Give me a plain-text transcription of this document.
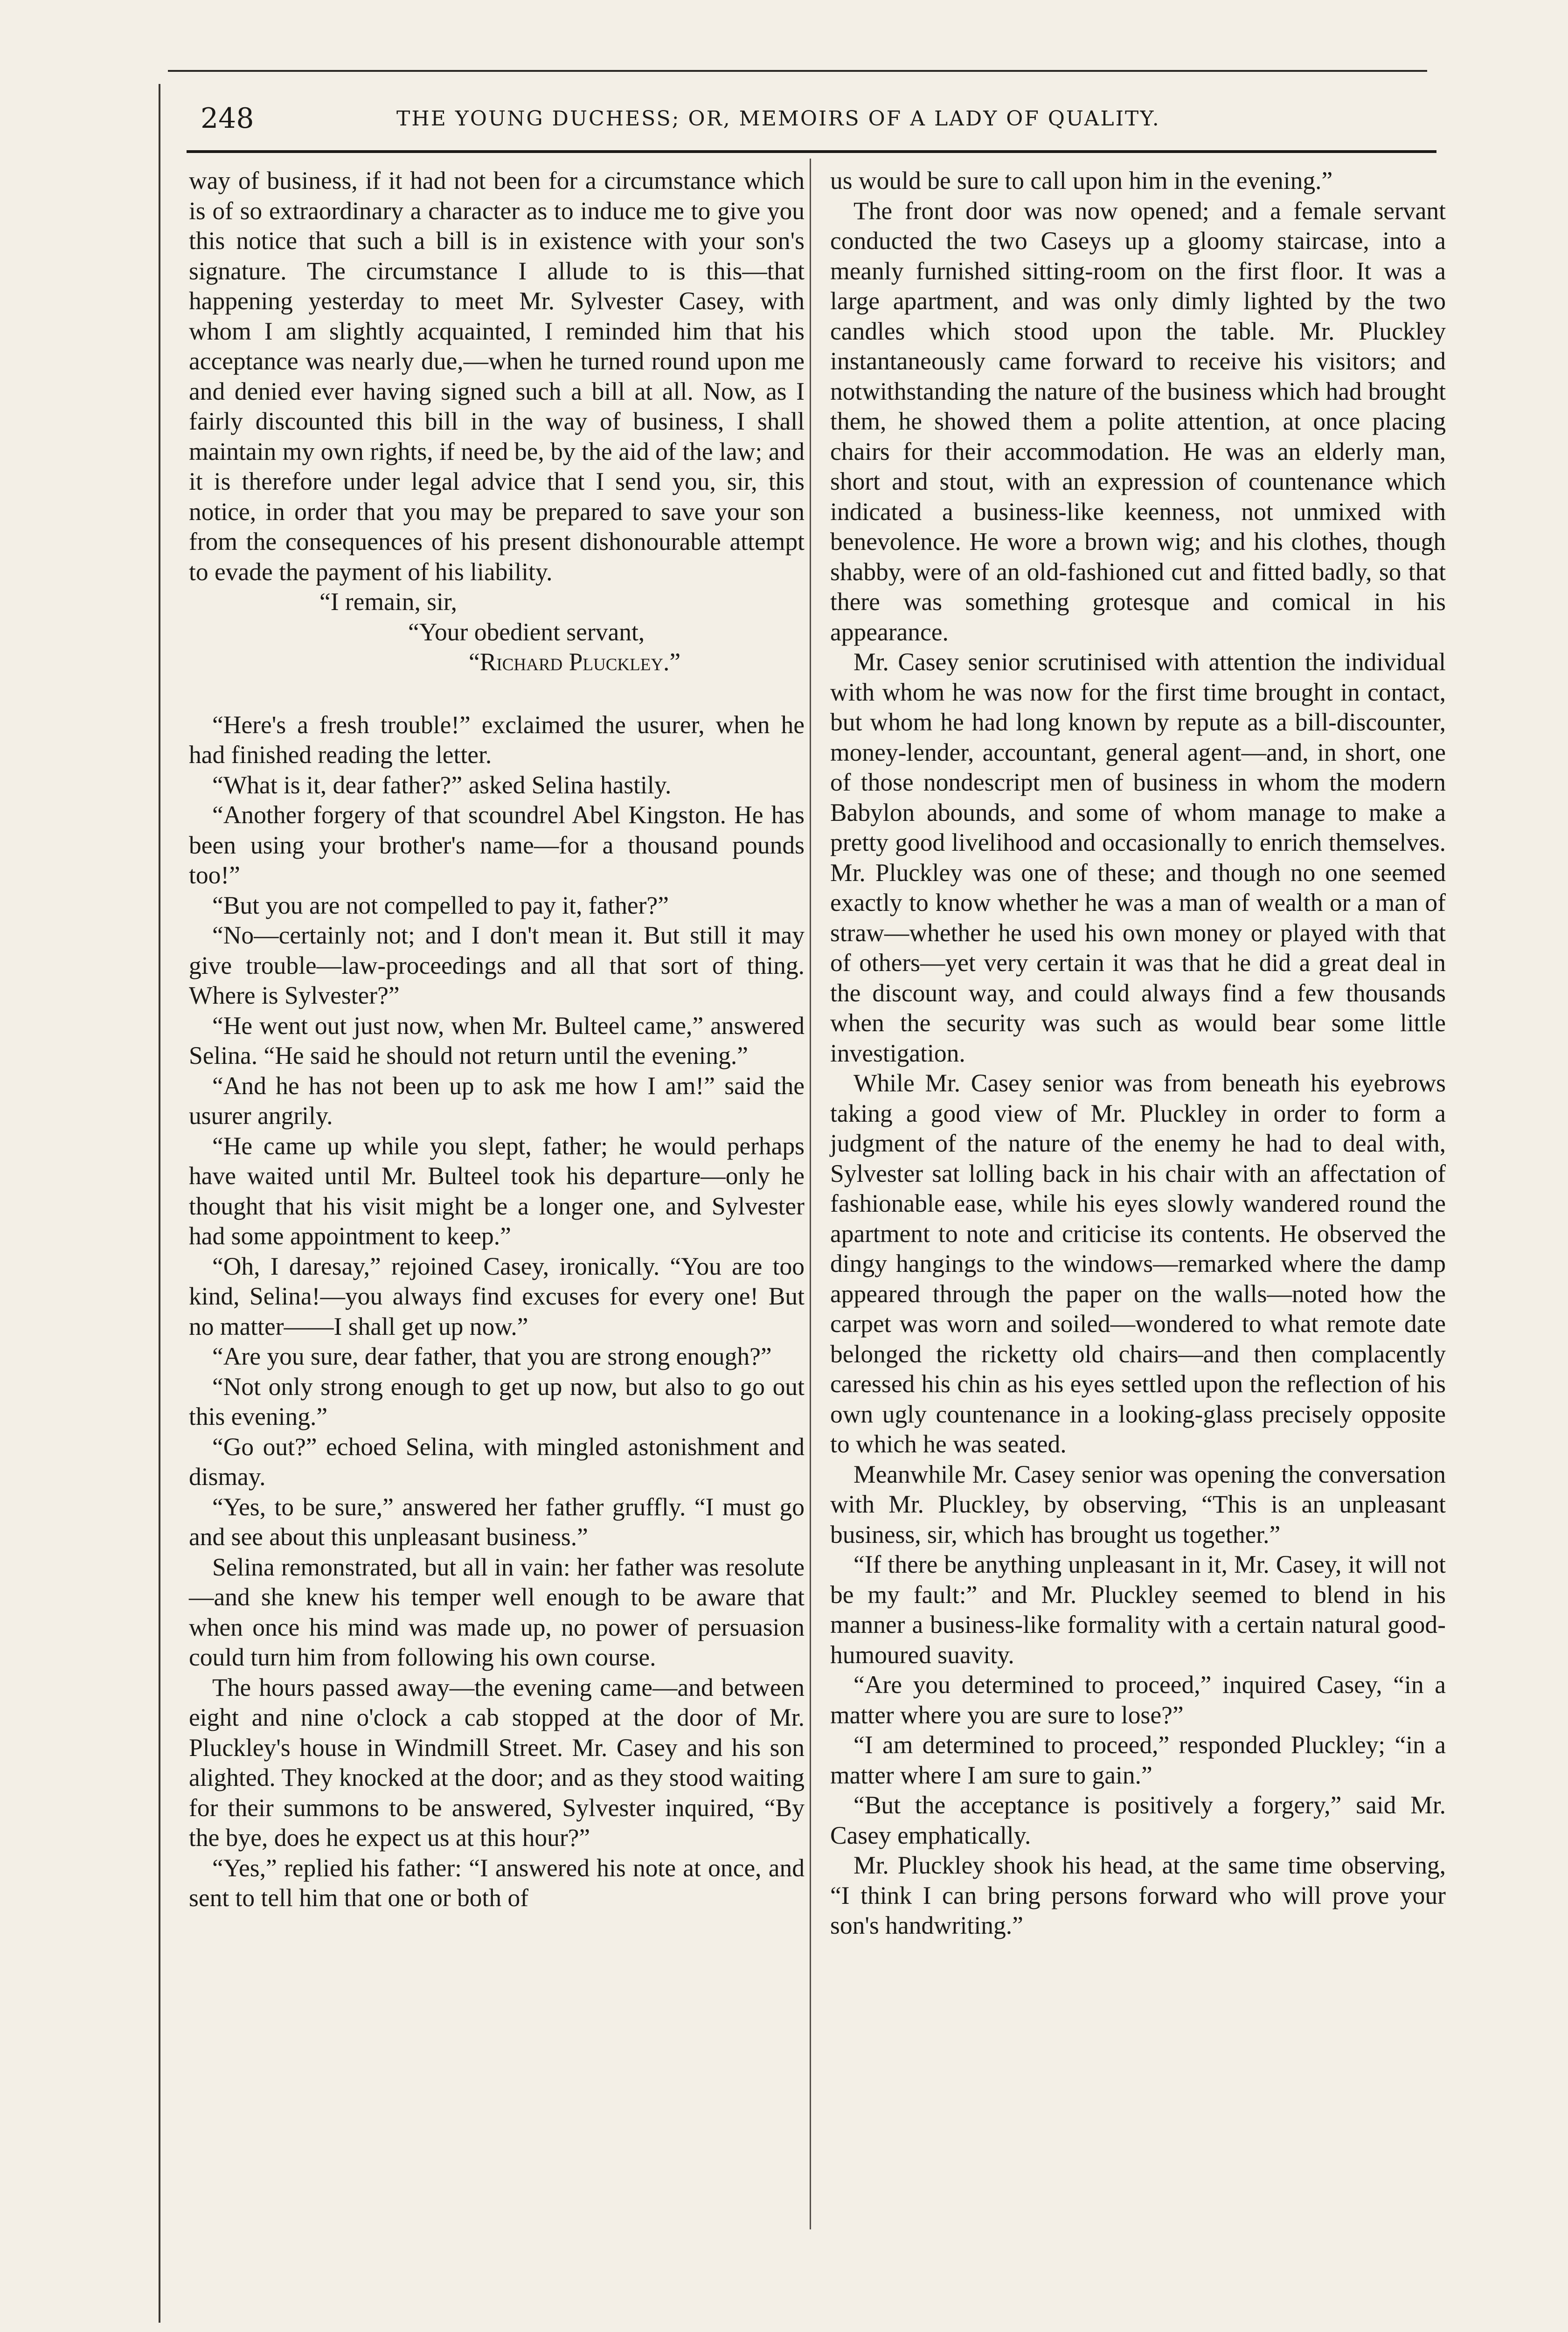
248	THE YOUNG DUCHESS; OR, MEMOIRS OF A LADY OF QUALITY.

way of business, if it had not been for a circumstance which is of so extraordinary a character as to induce me to give you this notice that such a bill is in existence with your son's signature. The circumstance I allude to is this—that happening yesterday to meet Mr. Sylvester Casey, with whom I am slightly acquainted, I reminded him that his acceptance was nearly due,—when he turned round upon me and denied ever having signed such a bill at all. Now, as I fairly discounted this bill in the way of business, I shall maintain my own rights, if need be, by the aid of the law; and it is therefore under legal advice that I send you, sir, this notice, in order that you may be prepared to save your son from the consequences of his present dishonourable attempt to evade the payment of his liability.

“I remain, sir,
“Your obedient servant,
“Richard Pluckley.”

“Here's a fresh trouble!” exclaimed the usurer, when he had finished reading the letter.

“What is it, dear father?” asked Selina hastily.

“Another forgery of that scoundrel Abel Kingston. He has been using your brother's name—for a thousand pounds too!”

“But you are not compelled to pay it, father?”

“No—certainly not; and I don't mean it. But still it may give trouble—law-proceedings and all that sort of thing. Where is Sylvester?”

“He went out just now, when Mr. Bulteel came,” answered Selina. “He said he should not return until the evening.”

“And he has not been up to ask me how I am!” said the usurer angrily.

“He came up while you slept, father; he would perhaps have waited until Mr. Bulteel took his departure—only he thought that his visit might be a longer one, and Sylvester had some appointment to keep.”

“Oh, I daresay,” rejoined Casey, ironically. “You are too kind, Selina!—you always find excuses for every one! But no matter——I shall get up now.”

“Are you sure, dear father, that you are strong enough?”

“Not only strong enough to get up now, but also to go out this evening.”

“Go out?” echoed Selina, with mingled astonishment and dismay.

“Yes, to be sure,” answered her father gruffly. “I must go and see about this unpleasant business.”

Selina remonstrated, but all in vain: her father was resolute—and she knew his temper well enough to be aware that when once his mind was made up, no power of persuasion could turn him from following his own course.

The hours passed away—the evening came—and between eight and nine o'clock a cab stopped at the door of Mr. Pluckley's house in Windmill Street. Mr. Casey and his son alighted. They knocked at the door; and as they stood waiting for their summons to be answered, Sylvester inquired, “By the bye, does he expect us at this hour?”

“Yes,” replied his father: “I answered his note at once, and sent to tell him that one or both of

us would be sure to call upon him in the evening.”

The front door was now opened; and a female servant conducted the two Caseys up a gloomy staircase, into a meanly furnished sitting-room on the first floor. It was a large apartment, and was only dimly lighted by the two candles which stood upon the table. Mr. Pluckley instantaneously came forward to receive his visitors; and notwithstanding the nature of the business which had brought them, he showed them a polite attention, at once placing chairs for their accommodation. He was an elderly man, short and stout, with an expression of countenance which indicated a business-like keenness, not unmixed with benevolence. He wore a brown wig; and his clothes, though shabby, were of an old-fashioned cut and fitted badly, so that there was something grotesque and comical in his appearance.

Mr. Casey senior scrutinised with attention the individual with whom he was now for the first time brought in contact, but whom he had long known by repute as a bill-discounter, money-lender, accountant, general agent—and, in short, one of those nondescript men of business in whom the modern Babylon abounds, and some of whom manage to make a pretty good livelihood and occasionally to enrich themselves. Mr. Pluckley was one of these; and though no one seemed exactly to know whether he was a man of wealth or a man of straw—whether he used his own money or played with that of others—yet very certain it was that he did a great deal in the discount way, and could always find a few thousands when the security was such as would bear some little investigation.

While Mr. Casey senior was from beneath his eyebrows taking a good view of Mr. Pluckley in order to form a judgment of the nature of the enemy he had to deal with, Sylvester sat lolling back in his chair with an affectation of fashionable ease, while his eyes slowly wandered round the apartment to note and criticise its contents. He observed the dingy hangings to the windows—remarked where the damp appeared through the paper on the walls—noted how the carpet was worn and soiled—wondered to what remote date belonged the ricketty old chairs—and then complacently caressed his chin as his eyes settled upon the reflection of his own ugly countenance in a looking-glass precisely opposite to which he was seated.

Meanwhile Mr. Casey senior was opening the conversation with Mr. Pluckley, by observing, “This is an unpleasant business, sir, which has brought us together.”

“If there be anything unpleasant in it, Mr. Casey, it will not be my fault:” and Mr. Pluckley seemed to blend in his manner a business-like formality with a certain natural good-humoured suavity.

“Are you determined to proceed,” inquired Casey, “in a matter where you are sure to lose?”

“I am determined to proceed,” responded Pluckley; “in a matter where I am sure to gain.”

“But the acceptance is positively a forgery,” said Mr. Casey emphatically.

Mr. Pluckley shook his head, at the same time observing, “I think I can bring persons forward who will prove your son's handwriting.”
